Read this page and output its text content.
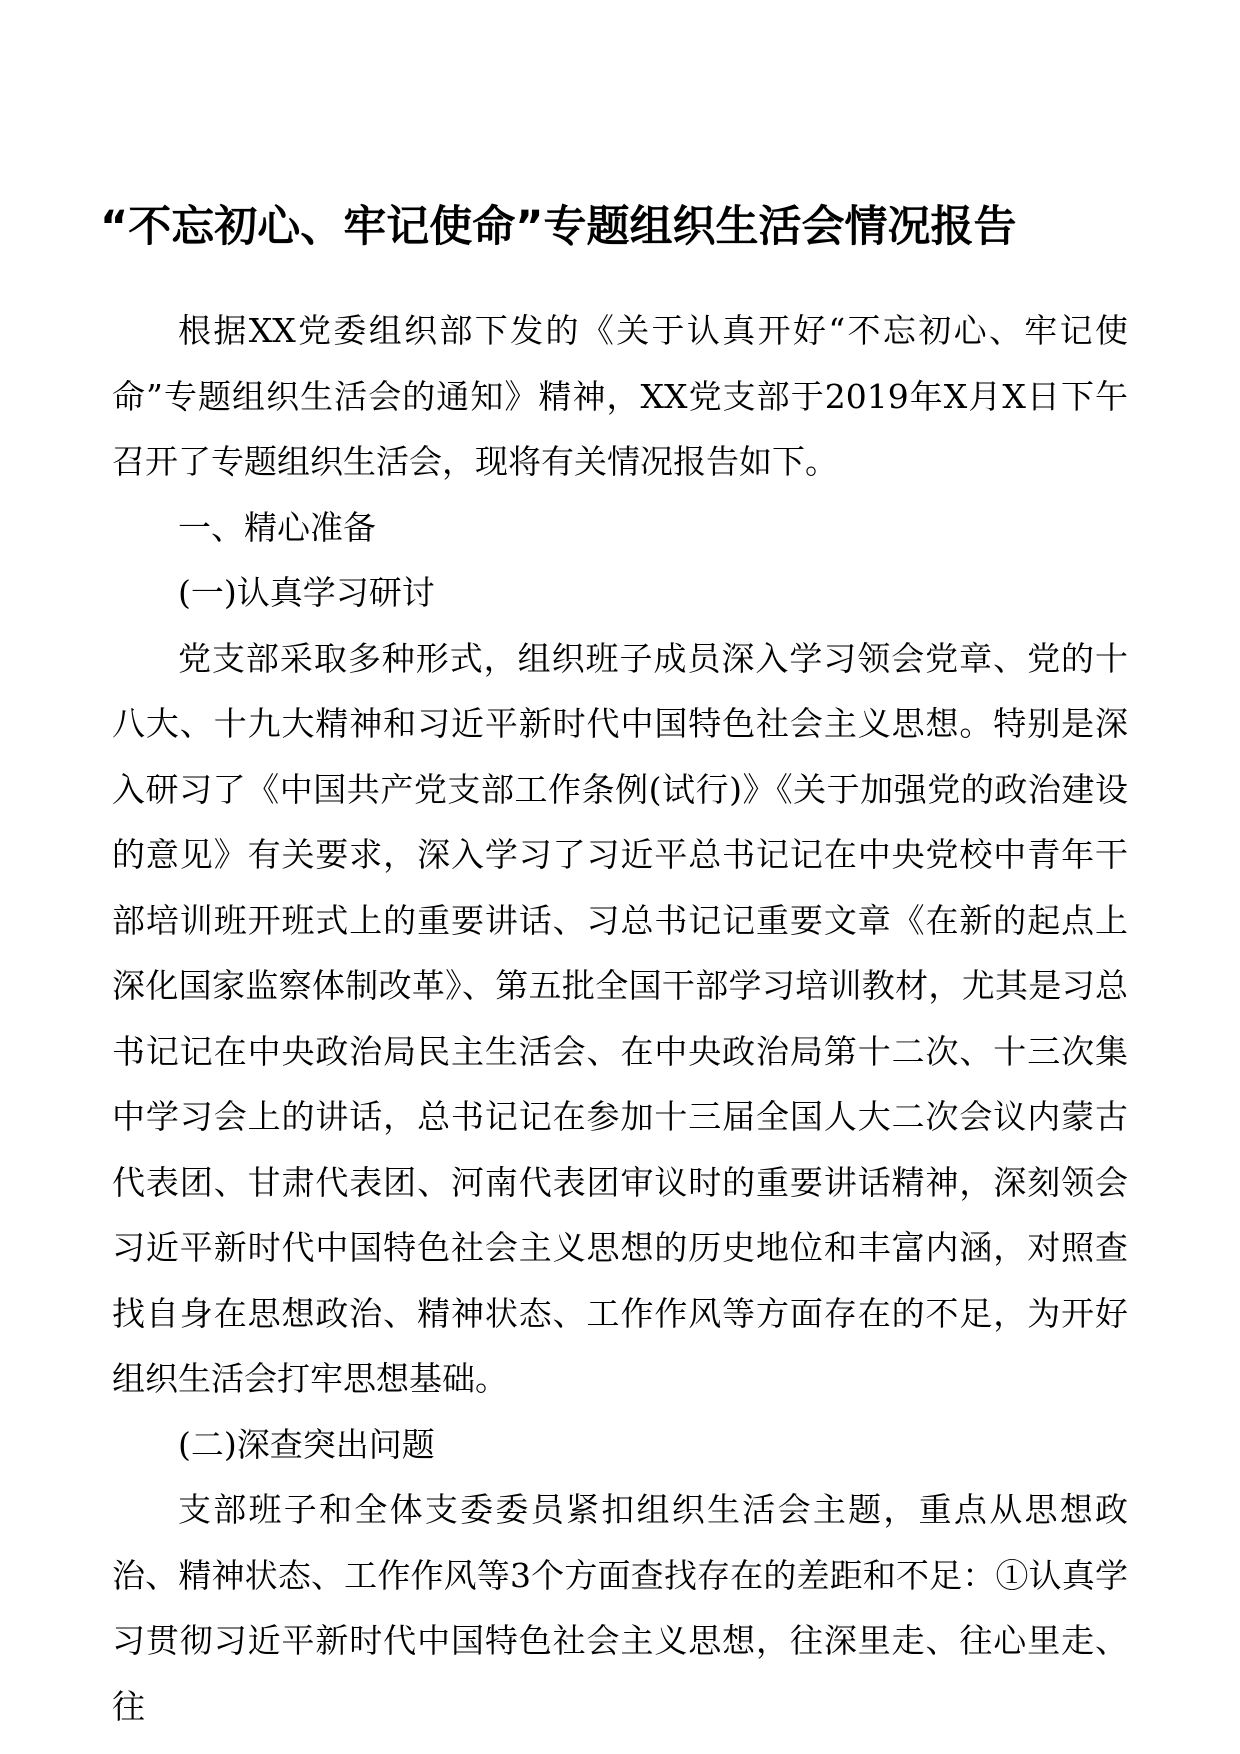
“不忘初心、牢记使命”专题组织生活会情况报告

根据XX党委组织部下发的《关于认真开好“不忘初心、牢记使命”专题组织生活会的通知》精神，XX党支部于2019年X月X日下午召开了专题组织生活会，现将有关情况报告如下。

一、精心准备

(一)认真学习研讨

党支部采取多种形式，组织班子成员深入学习领会党章、党的十八大、十九大精神和习近平新时代中国特色社会主义思想。特别是深入研习了《中国共产党支部工作条例(试行)》《关于加强党的政治建设的意见》有关要求，深入学习了习近平总书记记在中央党校中青年干部培训班开班式上的重要讲话、习总书记记重要文章《在新的起点上深化国家监察体制改革》、第五批全国干部学习培训教材，尤其是习总书记记在中央政治局民主生活会、在中央政治局第十二次、十三次集中学习会上的讲话，总书记记在参加十三届全国人大二次会议内蒙古代表团、甘肃代表团、河南代表团审议时的重要讲话精神，深刻领会习近平新时代中国特色社会主义思想的历史地位和丰富内涵，对照查找自身在思想政治、精神状态、工作作风等方面存在的不足，为开好组织生活会打牢思想基础。

(二)深查突出问题

支部班子和全体支委委员紧扣组织生活会主题，重点从思想政治、精神状态、工作作风等3个方面查找存在的差距和不足：①认真学习贯彻习近平新时代中国特色社会主义思想，往深里走、往心里走、往
